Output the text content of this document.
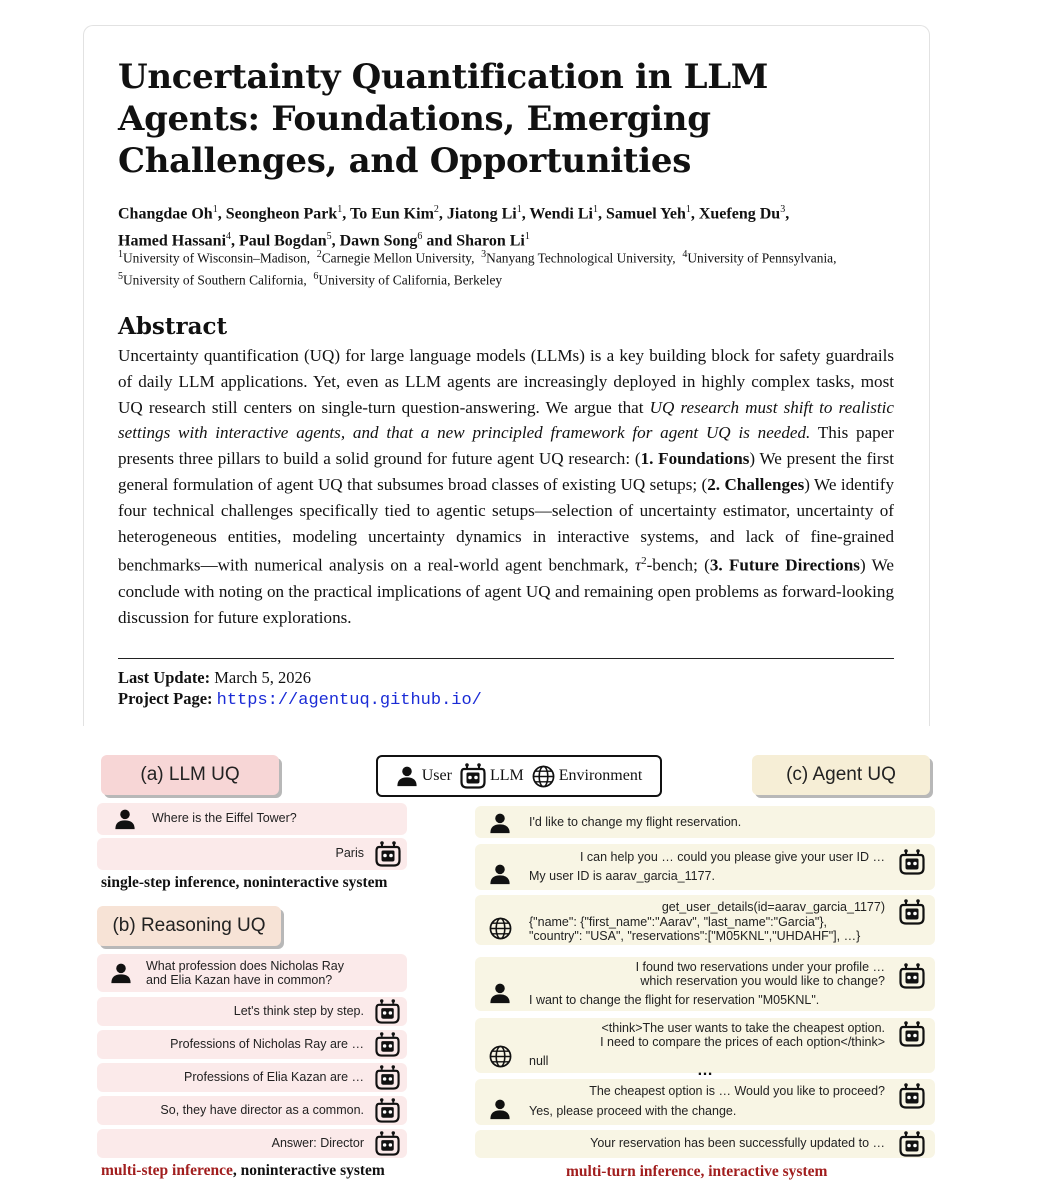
Uncertainty Quantification in LLM Agents: Foundations, Emerging Challenges, and Opportunities
Changdae Oh$^1$, Seongheon Park$^1$, To Eun Kim$^2$, Jiatong Li$^1$, Wendi Li$^1$, Samuel Yeh$^1$, Xuefeng Du$^3$,
Hamed Hassani$^4$, Paul Bogdan$^5$, Dawn Song$^6$ and Sharon Li$^1$
$^1$University of Wisconsin–Madison,  $^2$Carnegie Mellon University,  $^3$Nanyang Technological University,  $^4$University of Pennsylvania,
$^5$University of Southern California,  $^6$University of California, Berkeley
Abstract

Uncertainty quantification (UQ) for large language models (LLMs) is a key building block for safety guardrails of daily LLM applications. Yet, even as LLM agents are increasingly deployed in highly complex tasks, most UQ research still centers on single-turn question-answering. We argue that UQ research must shift to realistic settings with interactive agents, and that a new principled framework for agent UQ is needed. This paper presents three pillars to build a solid ground for future agent UQ research: (1. Foundations) We present the first general formulation of agent UQ that subsumes broad classes of existing UQ setups; (2. Challenges) We identify four technical challenges specifically tied to agentic setups—selection of uncertainty estimator, uncertainty of heterogeneous entities, modeling uncertainty dynamics in interactive systems, and lack of fine-grained benchmarks—with numerical analysis on a real-world agent benchmark, $\tau^2$-bench; (3. Future Directions) We conclude with noting on the practical implications of agent UQ and remaining open problems as forward-looking discussion for future explorations.

Last Update: March 5, 2026
Project Page: https://agentuq.github.io/
(a) LLM UQ
(b) Reasoning UQ
(c) Agent UQ
User LLM Environment
Where is the Eiffel Tower?
Paris
single-step inference, noninteractive system
What profession does Nicholas Ray
and Elia Kazan have in common?
Let's think step by step.
Professions of Nicholas Ray are …
Professions of Elia Kazan are …
So, they have director as a common.
Answer: Director
multi-step inference, noninteractive system
I'd like to change my flight reservation.
I can help you … could you please give your user ID …
My user ID is aarav_garcia_1177.
get_user_details(id=aarav_garcia_1177)
{"name": {"first_name":"Aarav", "last_name":"Garcia"},
"country": "USA", "reservations":["M05KNL","UHDAHF"], …}
I found two reservations under your profile …
which reservation you would like to change?
I want to change the flight for reservation "M05KNL".
<think>The user wants to take the cheapest option.
I need to compare the prices of each option</think>
null
…
The cheapest option is … Would you like to proceed?
Yes, please proceed with the change.
Your reservation has been successfully updated to …
multi-turn inference, interactive system
